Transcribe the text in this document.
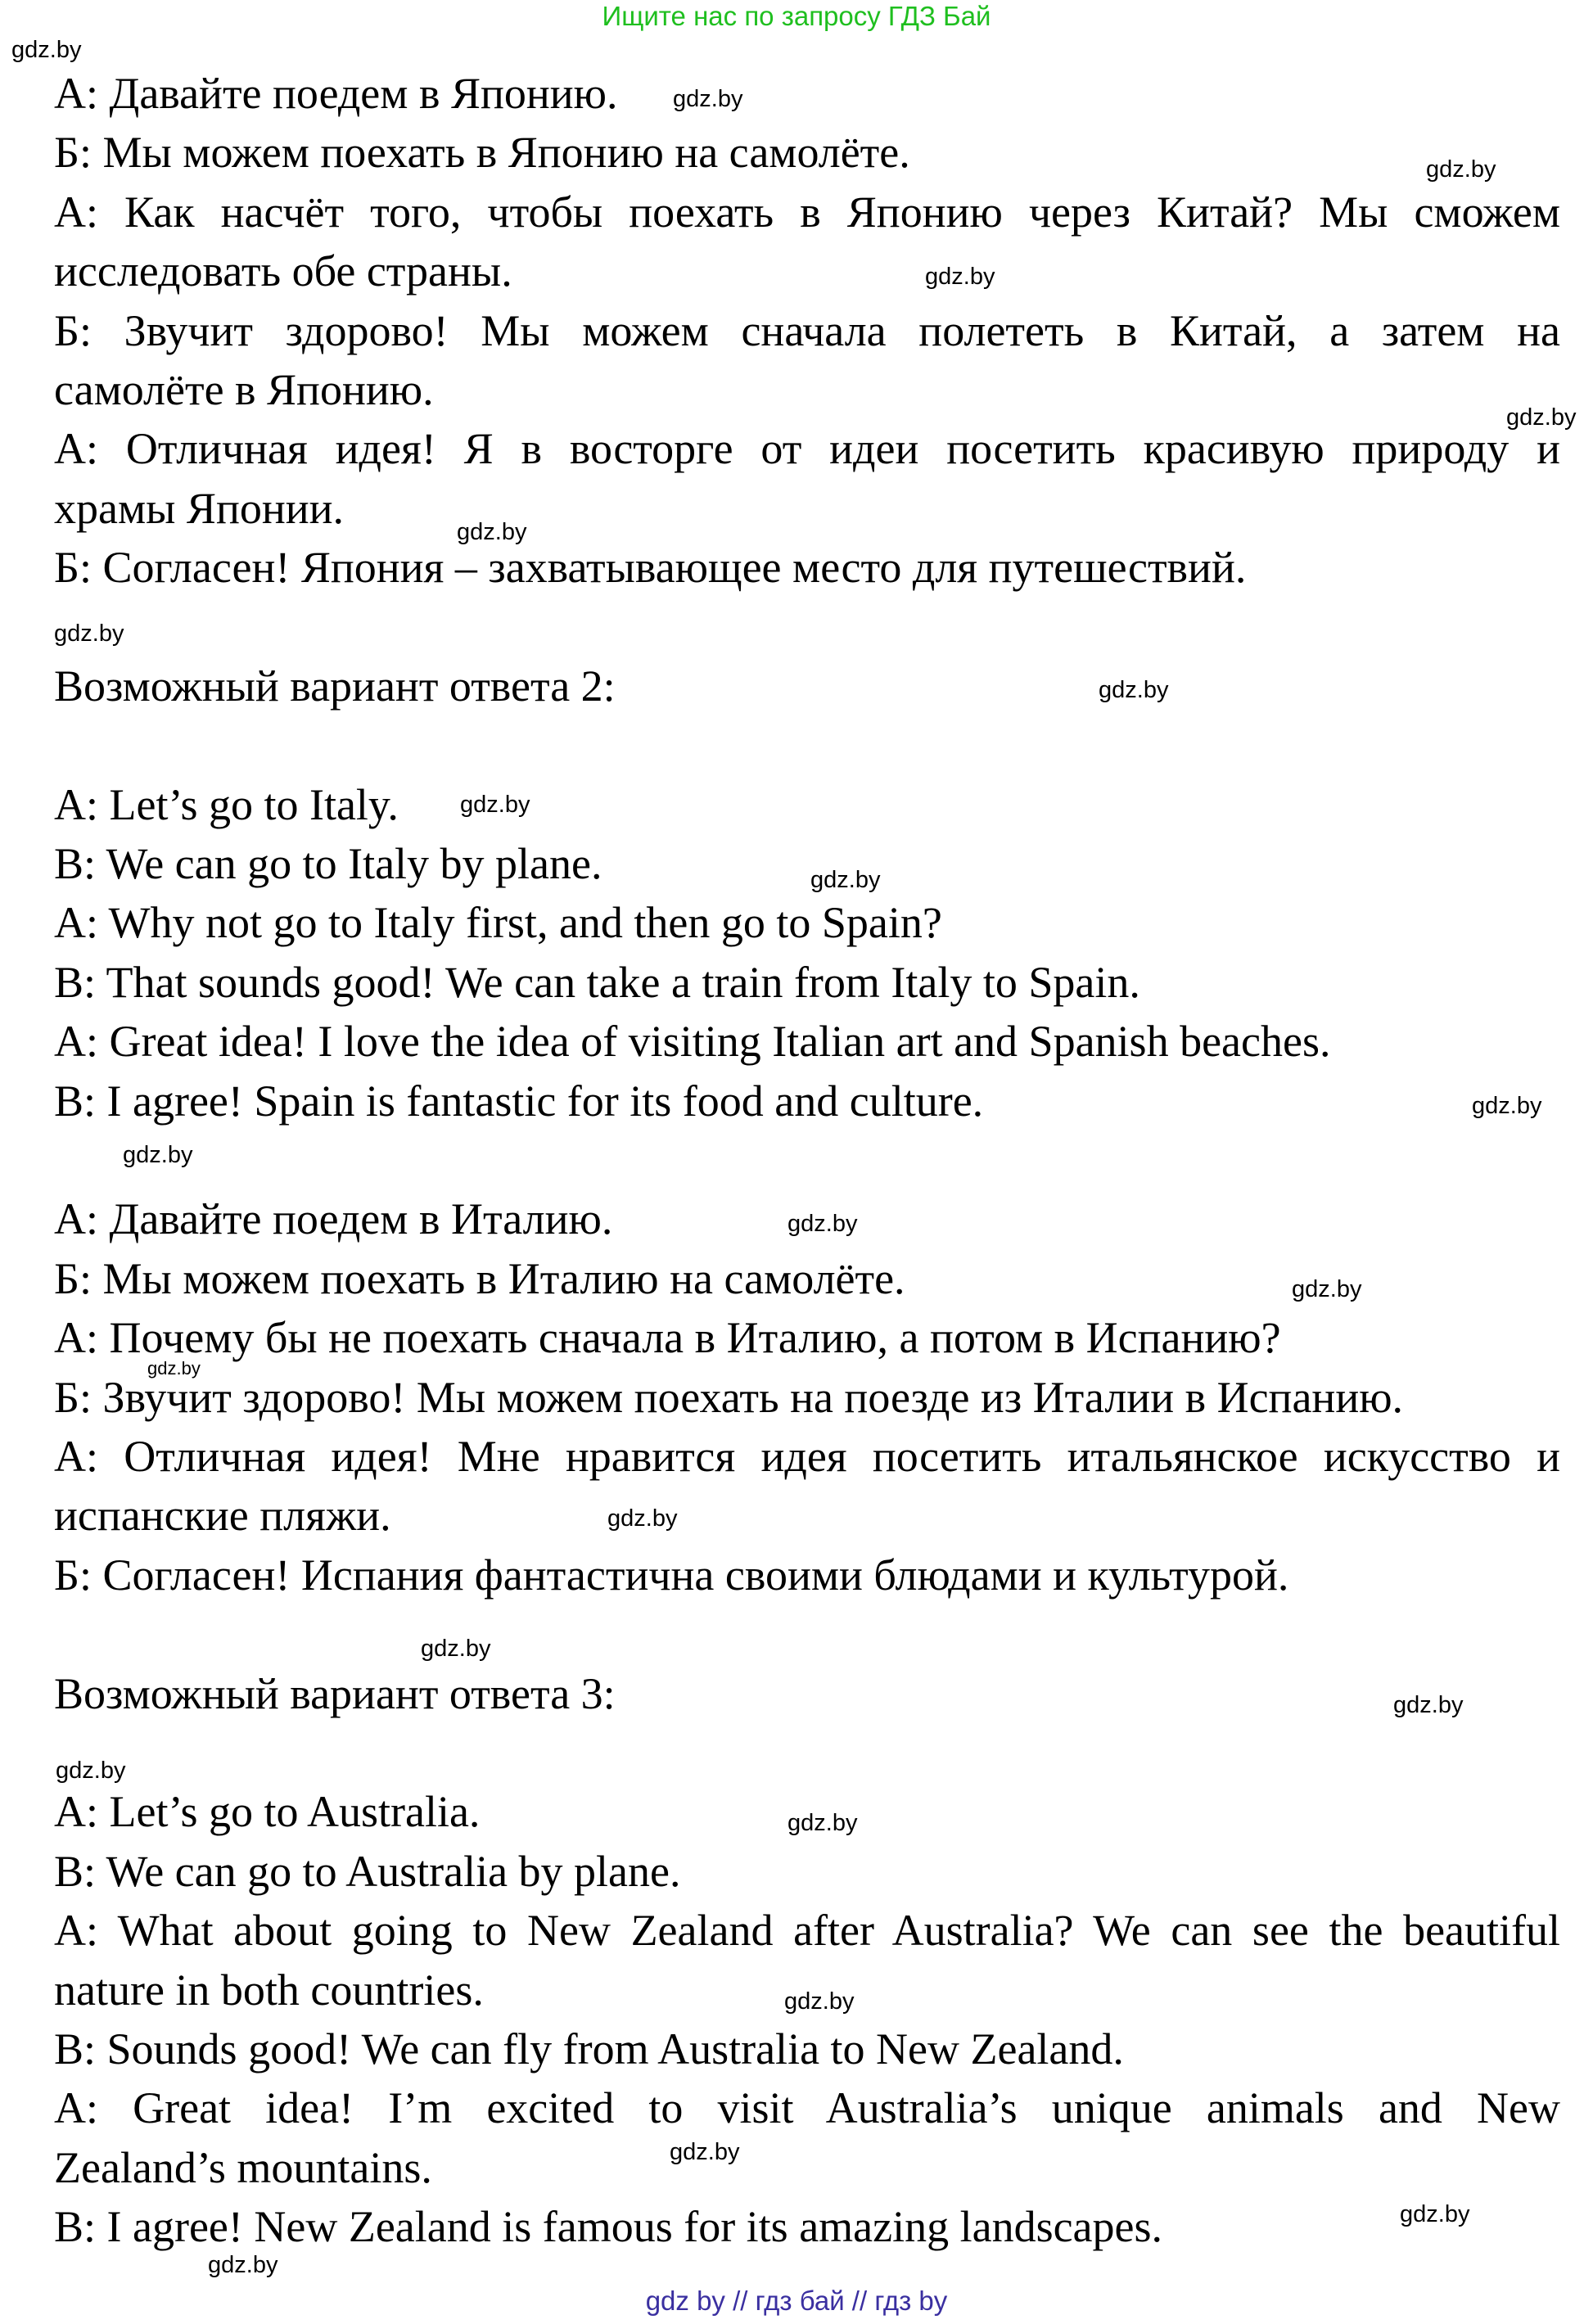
Ищите нас по запросу ГДЗ Бай
А: Давайте поедем в Японию.
Б: Мы можем поехать в Японию на самолёте.
А: Как насчёт того, чтобы поехать в Японию через Китай? Мы сможем
исследовать обе страны.
Б: Звучит здорово! Мы можем сначала полететь в Китай, а затем на
самолёте в Японию.
А: Отличная идея! Я в восторге от идеи посетить красивую природу и
храмы Японии.
Б: Согласен! Япония – захватывающее место для путешествий.
Возможный вариант ответа 2:
A: Let’s go to Italy.
B: We can go to Italy by plane.
A: Why not go to Italy first, and then go to Spain?
B: That sounds good! We can take a train from Italy to Spain.
A: Great idea! I love the idea of visiting Italian art and Spanish beaches.
B: I agree! Spain is fantastic for its food and culture.
А: Давайте поедем в Италию.
Б: Мы можем поехать в Италию на самолёте.
А: Почему бы не поехать сначала в Италию, а потом в Испанию?
Б: Звучит здорово! Мы можем поехать на поезде из Италии в Испанию.
А: Отличная идея! Мне нравится идея посетить итальянское искусство и
испанские пляжи.
Б: Согласен! Испания фантастична своими блюдами и культурой.
Возможный вариант ответа 3:
A: Let’s go to Australia.
B: We can go to Australia by plane.
A: What about going to New Zealand after Australia? We can see the beautiful
nature in both countries.
B: Sounds good! We can fly from Australia to New Zealand.
A: Great idea! I’m excited to visit Australia’s unique animals and New
Zealand’s mountains.
B: I agree! New Zealand is famous for its amazing landscapes.
gdz.by
gdz.by
gdz.by
gdz.by
gdz.by
gdz.by
gdz.by
gdz.by
gdz.by
gdz.by
gdz.by
gdz.by
gdz.by
gdz.by
gdz.by
gdz.by
gdz.by
gdz.by
gdz.by
gdz.by
gdz.by
gdz.by
gdz.by
gdz.by
gdz by // гдз бай // гдз by
